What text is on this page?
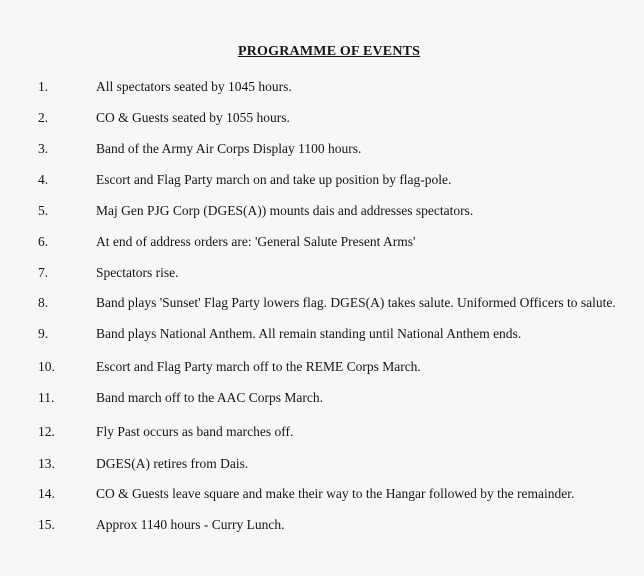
PROGRAMME OF EVENTS
1.	All spectators seated by 1045 hours.
2.	CO & Guests seated by 1055 hours.
3.	Band of the Army Air Corps Display 1100 hours.
4.	Escort and Flag Party march on and take up position by flag-pole.
5.	Maj Gen PJG Corp (DGES(A)) mounts dais and addresses spectators.
6.	At end of address orders are: 'General Salute Present Arms'
7.	Spectators rise.
8.	Band plays 'Sunset' Flag Party lowers flag. DGES(A) takes salute. Uniformed Officers to salute.
9.	Band plays National Anthem. All remain standing until National Anthem ends.
10.	Escort and Flag Party march off to the REME Corps March.
11.	Band march off to the AAC Corps March.
12.	Fly Past occurs as band marches off.
13.	DGES(A) retires from Dais.
14.	CO & Guests leave square and make their way to the Hangar followed by the remainder.
15.	Approx 1140 hours - Curry Lunch.
